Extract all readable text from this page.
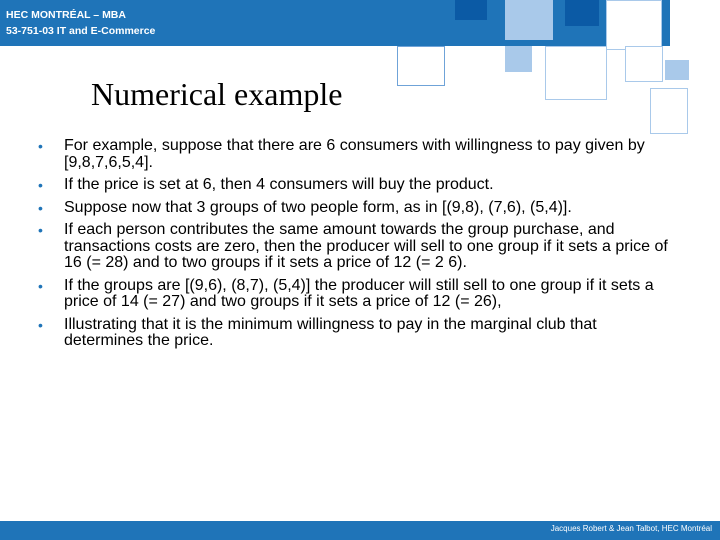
HEC MONTRÉAL – MBA
53-751-03 IT and E-Commerce
Numerical example
• For example, suppose that there are 6 consumers with willingness to pay given by [9,8,7,6,5,4].
• If the price is set at 6, then 4 consumers will buy the product.
• Suppose now that 3 groups of two people form, as in [(9,8), (7,6), (5,4)].
• If each person contributes the same amount towards the group purchase, and transactions costs are zero, then the producer will sell to one group if it sets a price of 16 (= 28) and to two groups if it sets a price of 12 (= 2 6).
• If the groups are [(9,6), (8,7), (5,4)] the producer will still sell to one group if it sets a price of 14 (= 27) and two groups if it sets a price of 12 (= 26),
• Illustrating that it is the minimum willingness to pay in the marginal club that determines the price.
Jacques Robert & Jean Talbot, HEC Montréal
